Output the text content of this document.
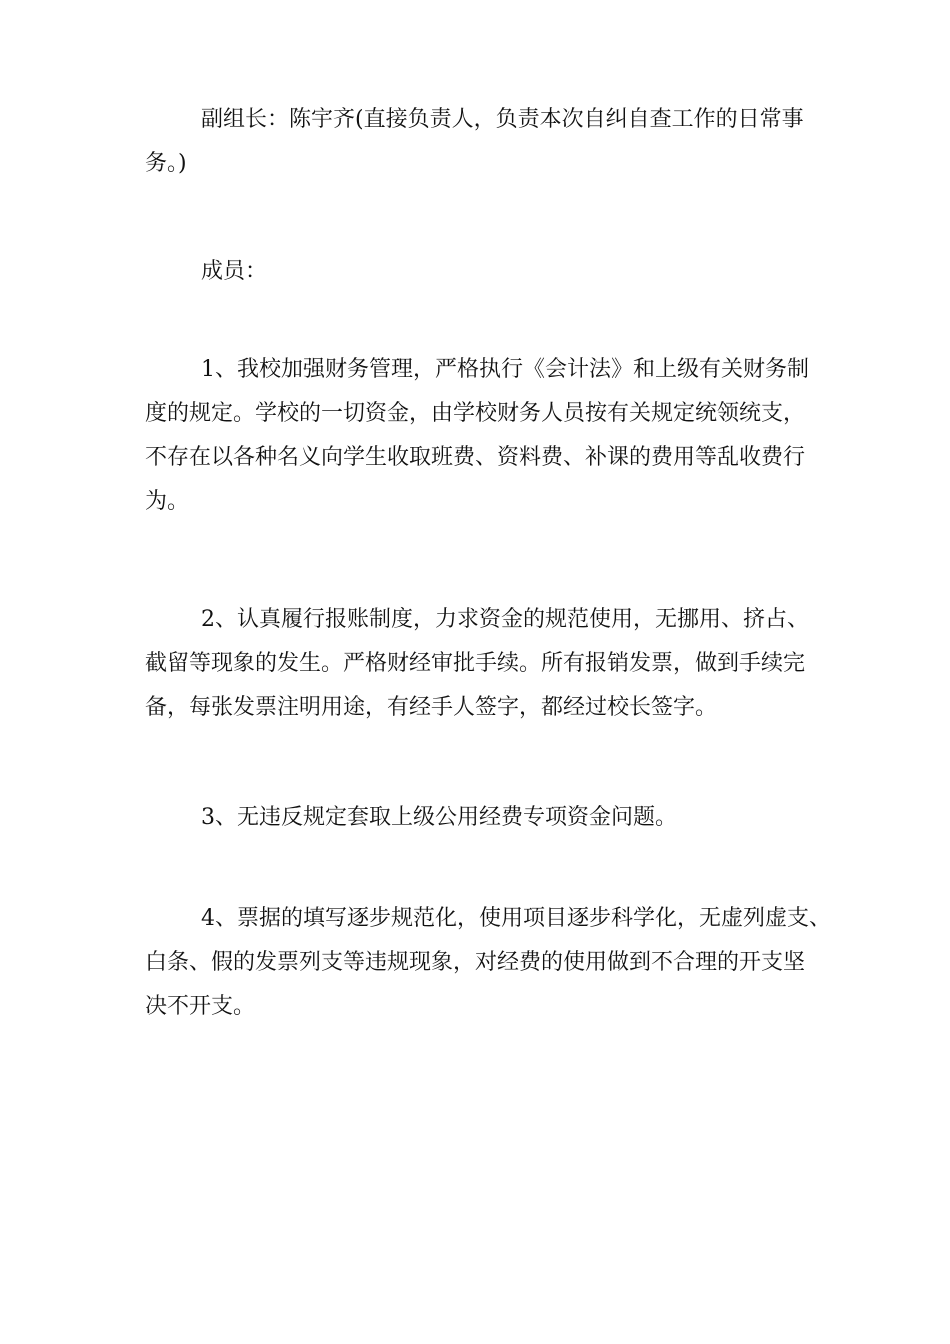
副组长：陈宇齐(直接负责人，负责本次自纠自查工作的日常事
务。)
成员：
1、我校加强财务管理，严格执行《会计法》和上级有关财务制
度的规定。学校的一切资金，由学校财务人员按有关规定统领统支，
不存在以各种名义向学生收取班费、资料费、补课的费用等乱收费行
为。
2、认真履行报账制度，力求资金的规范使用，无挪用、挤占、
截留等现象的发生。严格财经审批手续。所有报销发票，做到手续完
备，每张发票注明用途，有经手人签字，都经过校长签字。
3、无违反规定套取上级公用经费专项资金问题。
4、票据的填写逐步规范化，使用项目逐步科学化，无虚列虚支、
白条、假的发票列支等违规现象，对经费的使用做到不合理的开支坚
决不开支。
